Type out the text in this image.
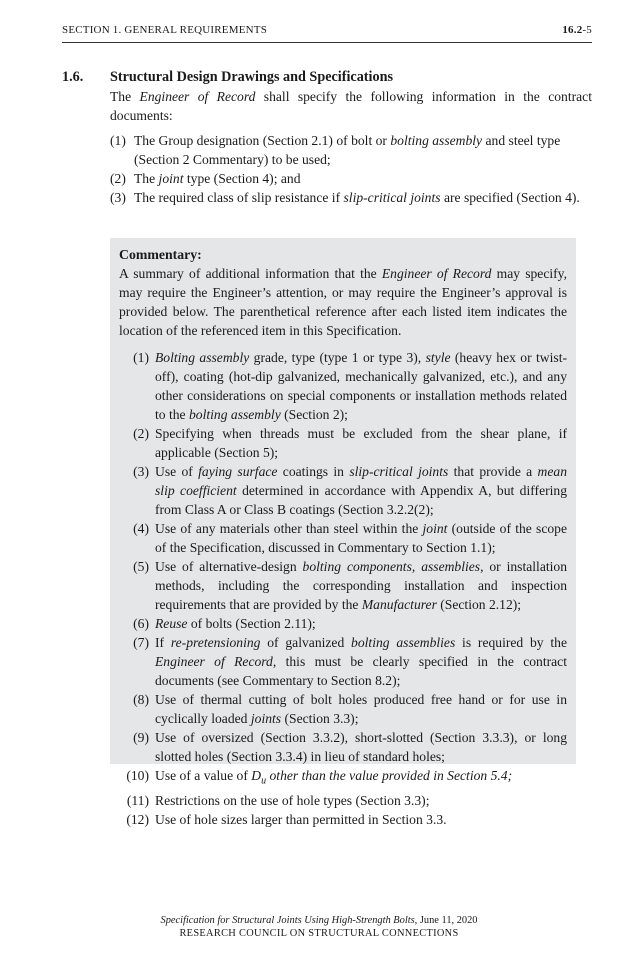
SECTION 1. GENERAL REQUIREMENTS	16.2-5
1.6.	Structural Design Drawings and Specifications
The Engineer of Record shall specify the following information in the contract documents:
(1) The Group designation (Section 2.1) of bolt or bolting assembly and steel type (Section 2 Commentary) to be used;
(2) The joint type (Section 4); and
(3) The required class of slip resistance if slip-critical joints are specified (Section 4).
Commentary:
A summary of additional information that the Engineer of Record may specify, may require the Engineer’s attention, or may require the Engineer’s approval is provided below. The parenthetical reference after each listed item indicates the location of the referenced item in this Specification.
(1) Bolting assembly grade, type (type 1 or type 3), style (heavy hex or twist-off), coating (hot-dip galvanized, mechanically galvanized, etc.), and any other considerations on special components or installation methods related to the bolting assembly (Section 2);
(2) Specifying when threads must be excluded from the shear plane, if applicable (Section 5);
(3) Use of faying surface coatings in slip-critical joints that provide a mean slip coefficient determined in accordance with Appendix A, but differing from Class A or Class B coatings (Section 3.2.2(2);
(4) Use of any materials other than steel within the joint (outside of the scope of the Specification, discussed in Commentary to Section 1.1);
(5) Use of alternative-design bolting components, assemblies, or installation methods, including the corresponding installation and inspection requirements that are provided by the Manufacturer (Section 2.12);
(6) Reuse of bolts (Section 2.11);
(7) If re-pretensioning of galvanized bolting assemblies is required by the Engineer of Record, this must be clearly specified in the contract documents (see Commentary to Section 8.2);
(8) Use of thermal cutting of bolt holes produced free hand or for use in cyclically loaded joints (Section 3.3);
(9) Use of oversized (Section 3.3.2), short-slotted (Section 3.3.3), or long slotted holes (Section 3.3.4) in lieu of standard holes;
(10) Use of a value of $D_u$ other than the value provided in Section 5.4;
(11) Restrictions on the use of hole types (Section 3.3);
(12) Use of hole sizes larger than permitted in Section 3.3.
Specification for Structural Joints Using High-Strength Bolts, June 11, 2020
RESEARCH COUNCIL ON STRUCTURAL CONNECTIONS
